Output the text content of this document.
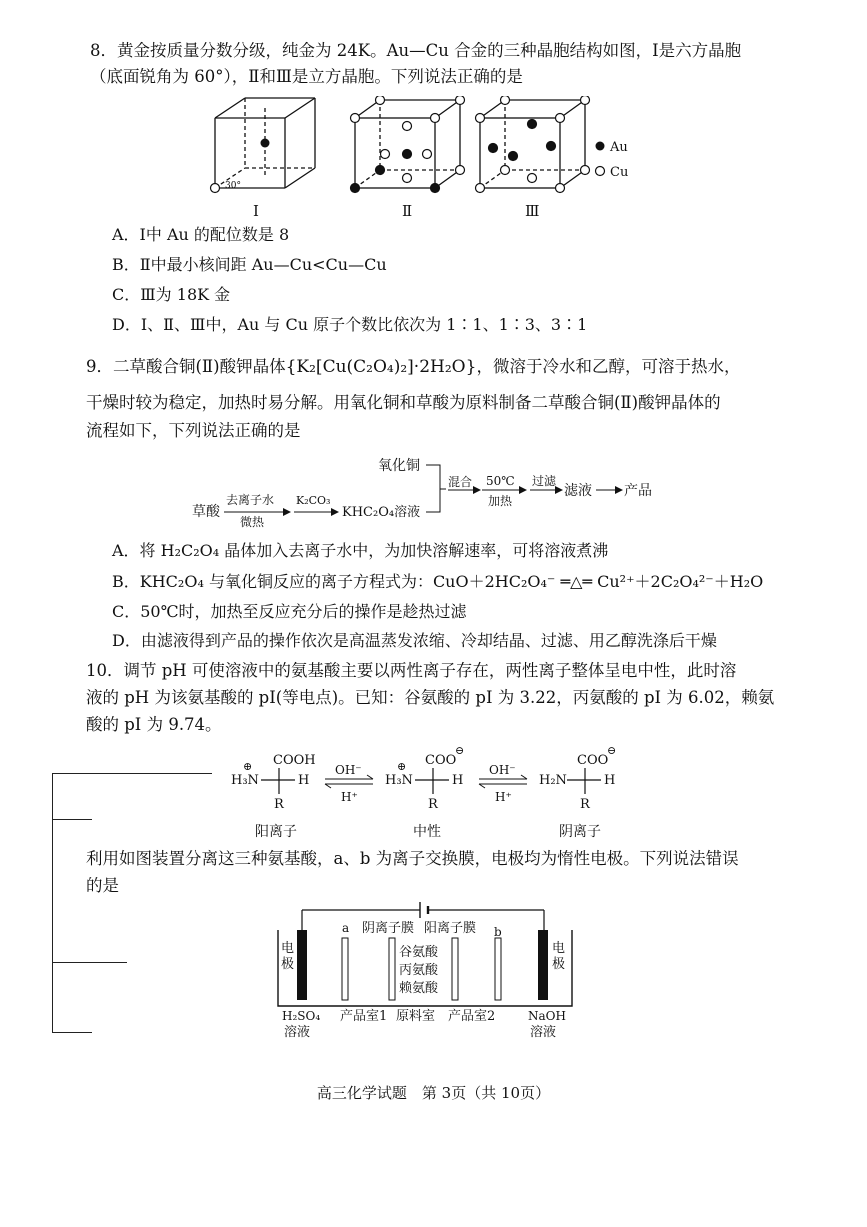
8．黄金按质量分数分级，纯金为 24K。Au—Cu 合金的三种晶胞结构如图，Ⅰ是六方晶胞
（底面锐角为 60°），Ⅱ和Ⅲ是立方晶胞。下列说法正确的是
30°
Au
Cu
Ⅰ	Ⅱ	Ⅲ
A．Ⅰ中 Au 的配位数是 8
B．Ⅱ中最小核间距 Au—Cu<Cu—Cu
C．Ⅲ为 18K 金
D．Ⅰ、Ⅱ、Ⅲ中，Au 与 Cu 原子个数比依次为 1∶1、1∶3、3∶1
9．二草酸合铜(Ⅱ)酸钾晶体{K₂[Cu(C₂O₄)₂]·2H₂O}，微溶于冷水和乙醇，可溶于热水，
干燥时较为稳定，加热时易分解。用氧化铜和草酸为原料制备二草酸合铜(Ⅱ)酸钾晶体的
流程如下，下列说法正确的是
草酸
去离子水
微热
K₂CO₃
KHC₂O₄溶液
氧化铜
混合 50℃
加热
过滤
滤液 产品
A．将 H₂C₂O₄ 晶体加入去离子水中，为加快溶解速率，可将溶液煮沸
B．KHC₂O₄ 与氧化铜反应的离子方程式为：CuO＋2HC₂O₄⁻ ═△═ Cu²⁺＋2C₂O₄²⁻＋H₂O
C．50℃时，加热至反应充分后的操作是趁热过滤
D．由滤液得到产品的操作依次是高温蒸发浓缩、冷却结晶、过滤、用乙醇洗涤后干燥
10．调节 pH 可使溶液中的氨基酸主要以两性离子存在，两性离子整体呈电中性，此时溶
液的 pH 为该氨基酸的 pI(等电点)。已知：谷氨酸的 pI 为 3.22，丙氨酸的 pI 为 6.02，赖氨
酸的 pI 为 9.74。
COOH
⊕
H₃N	H
R
OH⁻
H⁺
COO
⊖
⊕
H₃N	H
R
OH⁻
H⁺
COO
⊖
H₂N	H
R
阳离子	中性	阴离子
利用如图装置分离这三种氨基酸，a、b 为离子交换膜，电极均为惰性电极。下列说法错误
的是
电极
电极
a	b
阴离子膜 阳离子膜
谷氨酸
丙氨酸
赖氨酸
H₂SO₄
溶液
产品室1 原料室 产品室2	NaOH
溶液
高三化学试题　第 3页（共 10页）
